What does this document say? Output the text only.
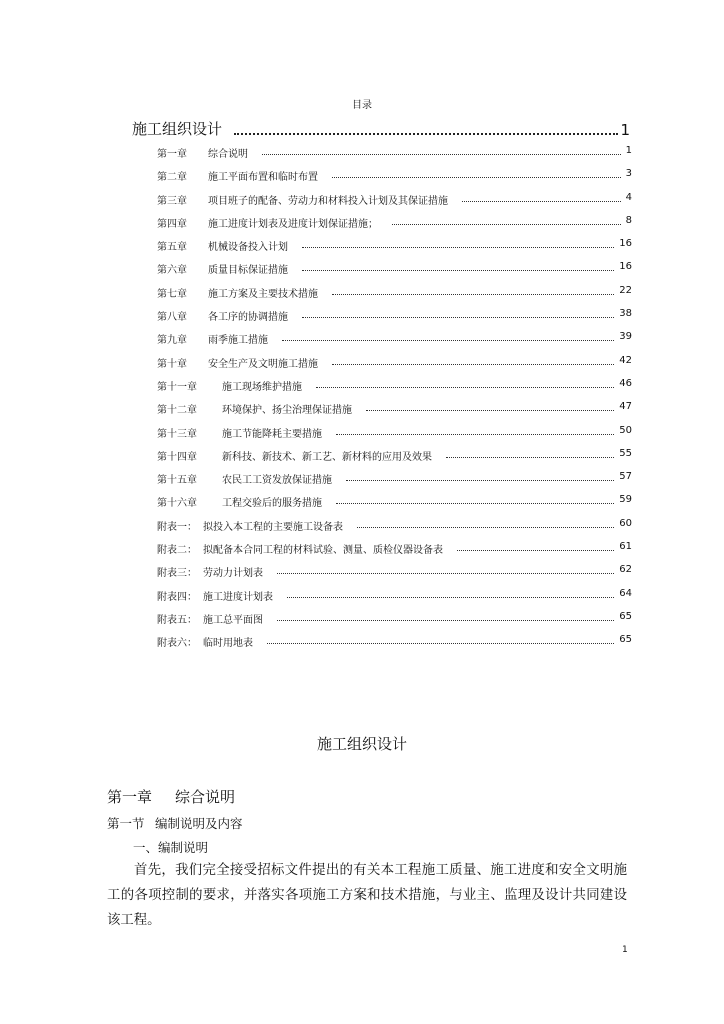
目录
施工组织设计	1
第一章 综合说明	1
第二章 施工平面布置和临时布置	3
第三章 项目班子的配备、劳动力和材料投入计划及其保证措施	4
第四章 施工进度计划表及进度计划保证措施；	8
第五章 机械设备投入计划	16
第六章 质量目标保证措施	16
第七章 施工方案及主要技术措施	22
第八章 各工序的协调措施	38
第九章 雨季施工措施	39
第十章 安全生产及文明施工措施	42
第十一章	施工现场维护措施	46
第十二章	环境保护、扬尘治理保证措施	47
第十三章	施工节能降耗主要措施	50
第十四章	新科技、新技术、新工艺、新材料的应用及效果	55
第十五章	农民工工资发放保证措施	57
第十六章	工程交验后的服务措施	59
附表一： 拟投入本工程的主要施工设备表	60
附表二： 拟配备本合同工程的材料试验、测量、质检仪器设备表	61
附表三： 劳动力计划表	62
附表四： 施工进度计划表	64
附表五： 施工总平面图	65
附表六： 临时用地表	65
施工组织设计
第一章 综合说明
第一节 编制说明及内容
一、编制说明

首先，我们完全接受招标文件提出的有关本工程施工质量、施工进度和安全文明施工的各项控制的要求，并落实各项施工方案和技术措施，与业主、监理及设计共同建设该工程。

1
